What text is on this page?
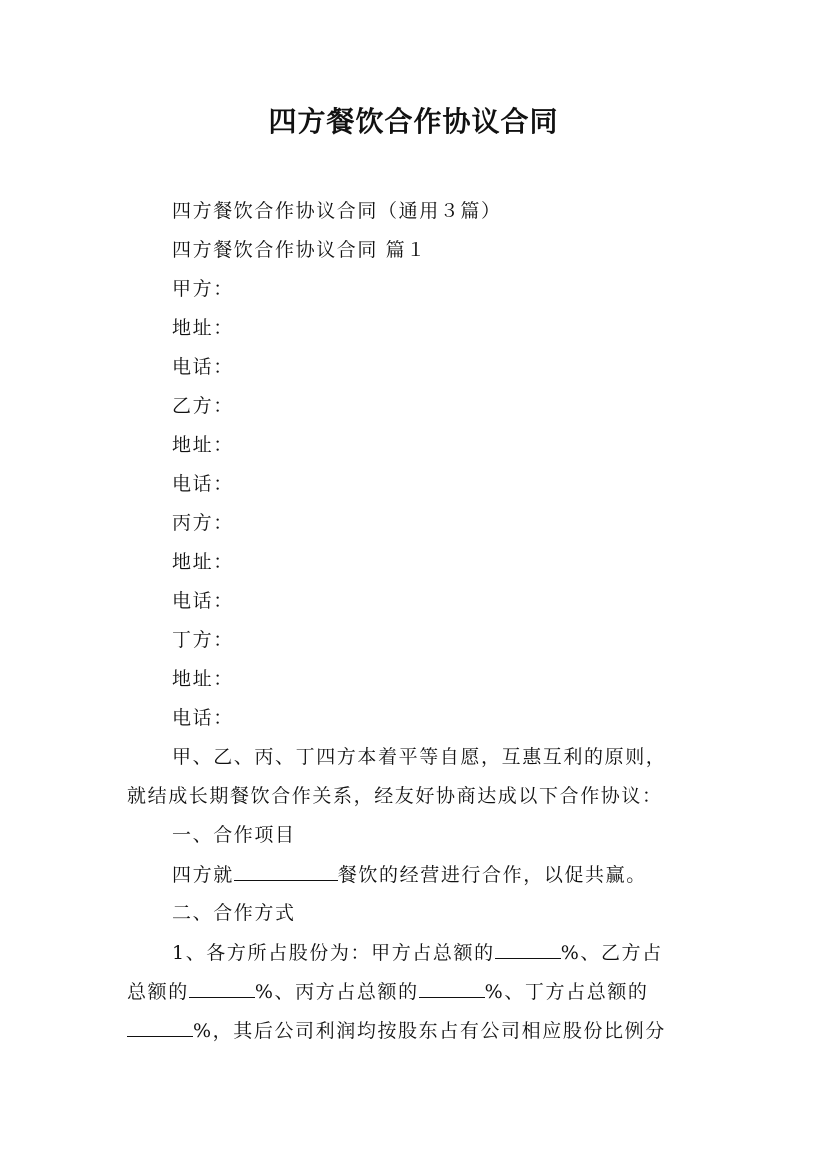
四方餐饮合作协议合同
四方餐饮合作协议合同（通用３篇）
四方餐饮合作协议合同 篇１
甲方：
地址：
电话：
乙方：
地址：
电话：
丙方：
地址：
电话：
丁方：
地址：
电话：
甲、乙、丙、丁四方本着平等自愿，互惠互利的原则，
就结成长期餐饮合作关系，经友好协商达成以下合作协议：
一、合作项目
四方就	餐饮的经营进行合作，以促共赢。
二、合作方式
1、各方所占股份为：甲方占总额的	%、乙方占
总额的	%、丙方占总额的	%、丁方占总额的
%，其后公司利润均按股东占有公司相应股份比例分
